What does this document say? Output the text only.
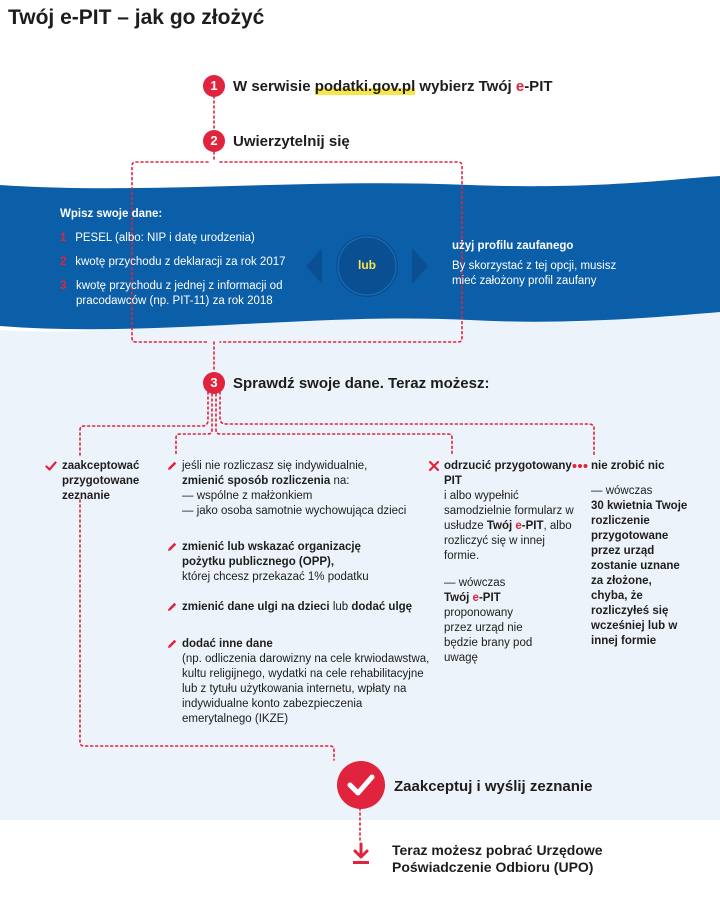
Twój e-PIT – jak go złożyć
1	W serwisie podatki.gov.pl wybierz Twój e-PIT
2	Uwierzytelnij się
Wpisz swoje dane:
1 PESEL (albo: NIP i datę urodzenia)
2 kwotę przychodu z deklaracji za rok 2017
3 kwotę przychodu z jednej z informacji od pracodawców (np. PIT-11) za rok 2018
lub
użyj profilu zaufanego
By skorzystać z tej opcji, musisz mieć założony profil zaufany
3	Sprawdź swoje dane. Teraz możesz:
zaakceptować przygotowane zeznanie
jeśli nie rozliczasz się indywidualnie,
zmienić sposób rozliczenia na:
— wspólne z małżonkiem
— jako osoba samotnie wychowująca dzieci
zmienić lub wskazać organizację pożytku publicznego (OPP),
której chcesz przekazać 1% podatku
zmienić dane ulgi na dzieci lub dodać ulgę
dodać inne dane
(np. odliczenia darowizny na cele krwiodawstwa, kultu religijnego, wydatki na cele rehabilitacyjne lub z tytułu użytkowania internetu, wpłaty na indywidualne konto zabezpieczenia emerytalnego (IKZE)
odrzucić przygotowany PIT
i albo wypełnić samodzielnie formularz w usłudze Twój e-PIT, albo rozliczyć się w innej formie.
— wówczas
Twój e-PIT
proponowany przez urząd nie będzie brany pod uwagę
nie zrobić nic
— wówczas
30 kwietnia Twoje rozliczenie przygotowane przez urząd zostanie uznane za złożone, chyba, że rozliczyłeś się wcześniej lub w innej formie
Zaakceptuj i wyślij zeznanie
Teraz możesz pobrać Urzędowe Poświadczenie Odbioru (UPO)
